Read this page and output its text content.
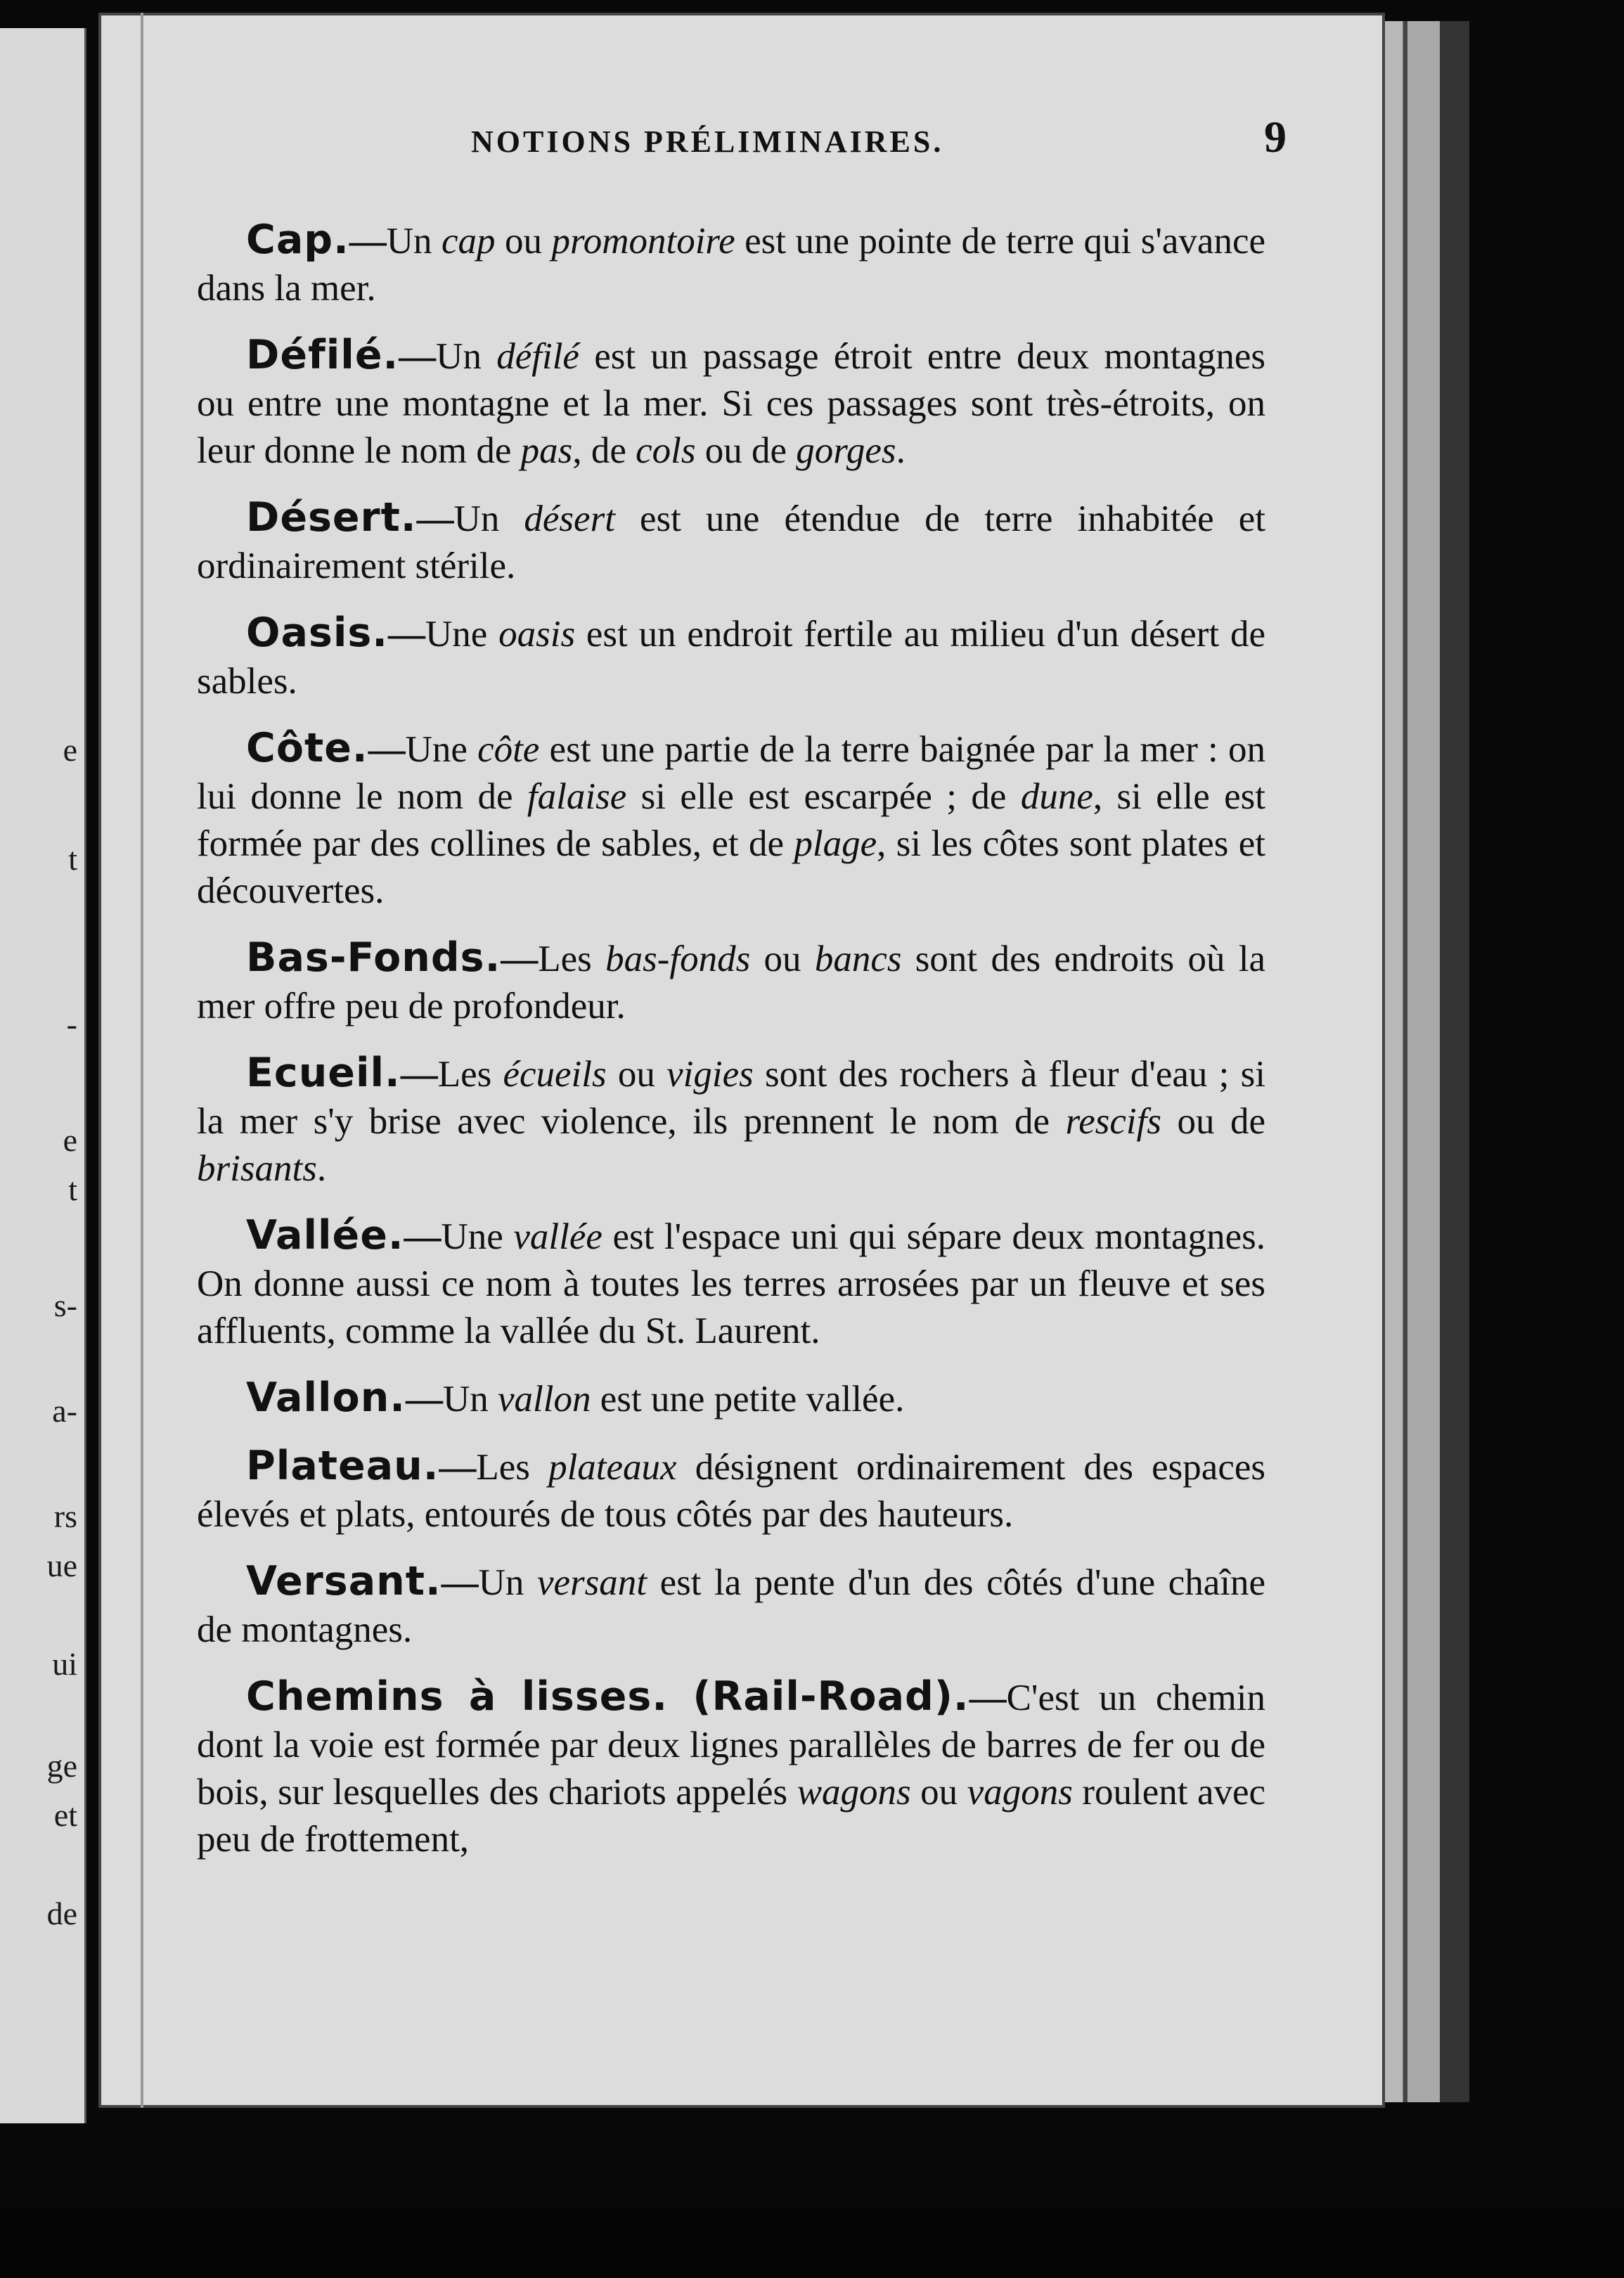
e
t
-
e
t
s-
a-
rs
ue
ui
ge
et
de
NOTIONS PRÉLIMINAIRES.	9

Cap.—Un cap ou promontoire est une pointe de terre qui s'avance dans la mer.

Défilé.—Un défilé est un passage étroit entre deux montagnes ou entre une montagne et la mer. Si ces passages sont très-étroits, on leur donne le nom de pas, de cols ou de gorges.

Désert.—Un désert est une étendue de terre inhabitée et ordinairement stérile.

Oasis.—Une oasis est un endroit fertile au milieu d'un désert de sables.

Côte.—Une côte est une partie de la terre baignée par la mer : on lui donne le nom de falaise si elle est escarpée ; de dune, si elle est formée par des collines de sables, et de plage, si les côtes sont plates et découvertes.

Bas-Fonds.—Les bas-fonds ou bancs sont des endroits où la mer offre peu de profondeur.

Ecueil.—Les écueils ou vigies sont des rochers à fleur d'eau ; si la mer s'y brise avec violence, ils prennent le nom de rescifs ou de brisants.

Vallée.—Une vallée est l'espace uni qui sépare deux montagnes. On donne aussi ce nom à toutes les terres arrosées par un fleuve et ses affluents, comme la vallée du St. Laurent.

Vallon.—Un vallon est une petite vallée.

Plateau.—Les plateaux désignent ordinairement des espaces élevés et plats, entourés de tous côtés par des hauteurs.

Versant.—Un versant est la pente d'un des côtés d'une chaîne de montagnes.

Chemins à lisses. (Rail-Road).—C'est un chemin dont la voie est formée par deux lignes parallèles de barres de fer ou de bois, sur lesquelles des chariots appelés wagons ou vagons roulent avec peu de frottement,
